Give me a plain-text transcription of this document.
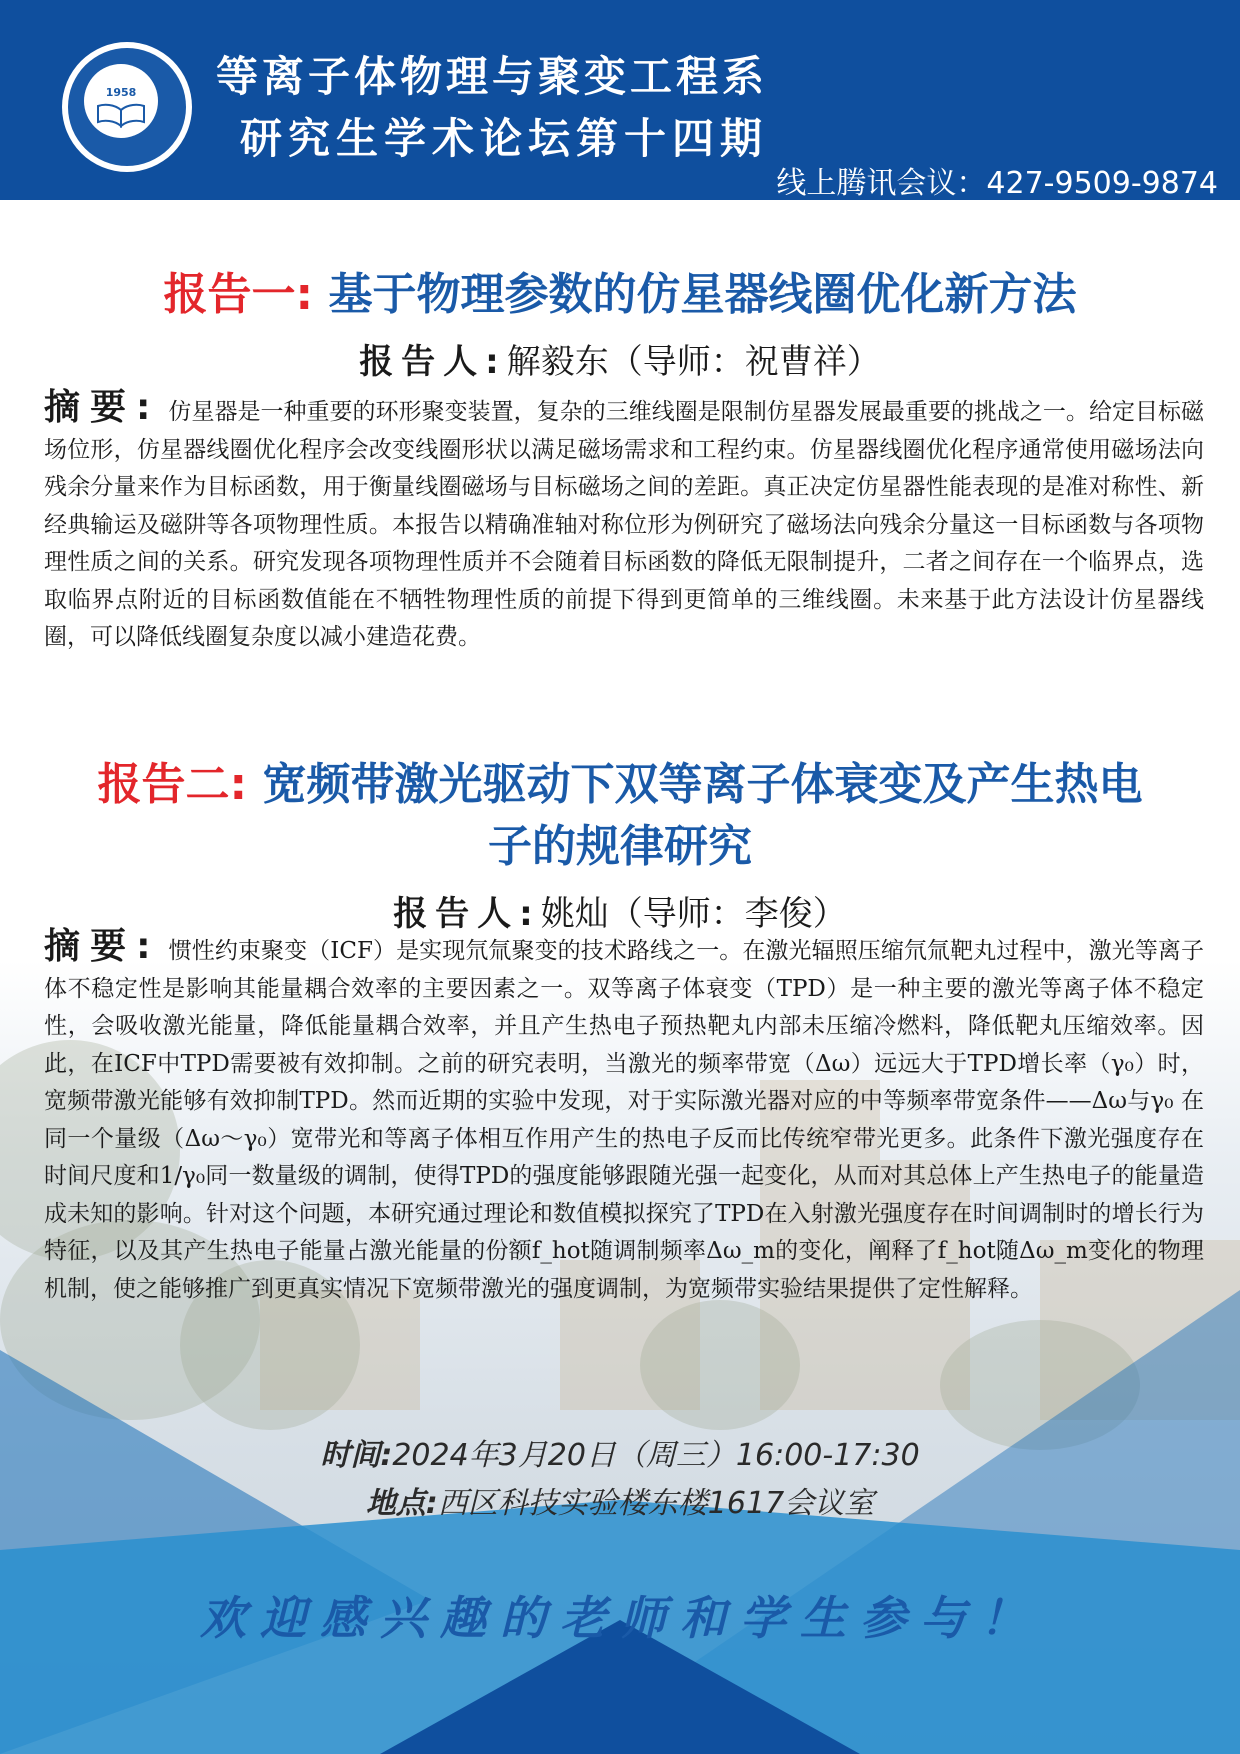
1958	等离子体物理与聚变工程系
研究生学术论坛第十四期
线上腾讯会议：427-9509-9874
报告一: 基于物理参数的仿星器线圈优化新方法
报告人:解毅东（导师：祝曹祥）
摘要: 仿星器是一种重要的环形聚变装置，复杂的三维线圈是限制仿星器发展最重要的挑战之一。给定目标磁场位形，仿星器线圈优化程序会改变线圈形状以满足磁场需求和工程约束。仿星器线圈优化程序通常使用磁场法向残余分量来作为目标函数，用于衡量线圈磁场与目标磁场之间的差距。真正决定仿星器性能表现的是准对称性、新经典输运及磁阱等各项物理性质。本报告以精确准轴对称位形为例研究了磁场法向残余分量这一目标函数与各项物理性质之间的关系。研究发现各项物理性质并不会随着目标函数的降低无限制提升，二者之间存在一个临界点，选取临界点附近的目标函数值能在不牺牲物理性质的前提下得到更简单的三维线圈。未来基于此方法设计仿星器线圈，可以降低线圈复杂度以减小建造花费。
报告二: 宽频带激光驱动下双等离子体衰变及产生热电
子的规律研究
报告人:姚灿（导师：李俊）
摘要: 惯性约束聚变（ICF）是实现氘氚聚变的技术路线之一。在激光辐照压缩氘氚靶丸过程中，激光等离子体不稳定性是影响其能量耦合效率的主要因素之一。双等离子体衰变（TPD）是一种主要的激光等离子体不稳定性，会吸收激光能量，降低能量耦合效率，并且产生热电子预热靶丸内部未压缩冷燃料，降低靶丸压缩效率。因此，在ICF中TPD需要被有效抑制。之前的研究表明，当激光的频率带宽（Δω）远远大于TPD增长率（γ₀）时，宽频带激光能够有效抑制TPD。然而近期的实验中发现，对于实际激光器对应的中等频率带宽条件——Δω与γ₀ 在同一个量级（Δω～γ₀）宽带光和等离子体相互作用产生的热电子反而比传统窄带光更多。此条件下激光强度存在时间尺度和1/γ₀同一数量级的调制，使得TPD的强度能够跟随光强一起变化，从而对其总体上产生热电子的能量造成未知的影响。针对这个问题，本研究通过理论和数值模拟探究了TPD在入射激光强度存在时间调制时的增长行为特征，以及其产生热电子能量占激光能量的份额f_hot随调制频率Δω_m的变化，阐释了f_hot随Δω_m变化的物理机制，使之能够推广到更真实情况下宽频带激光的强度调制，为宽频带实验结果提供了定性解释。
时间:2024年3月20日（周三）16:00-17:30
地点:西区科技实验楼东楼1617会议室
欢迎感兴趣的老师和学生参与！
